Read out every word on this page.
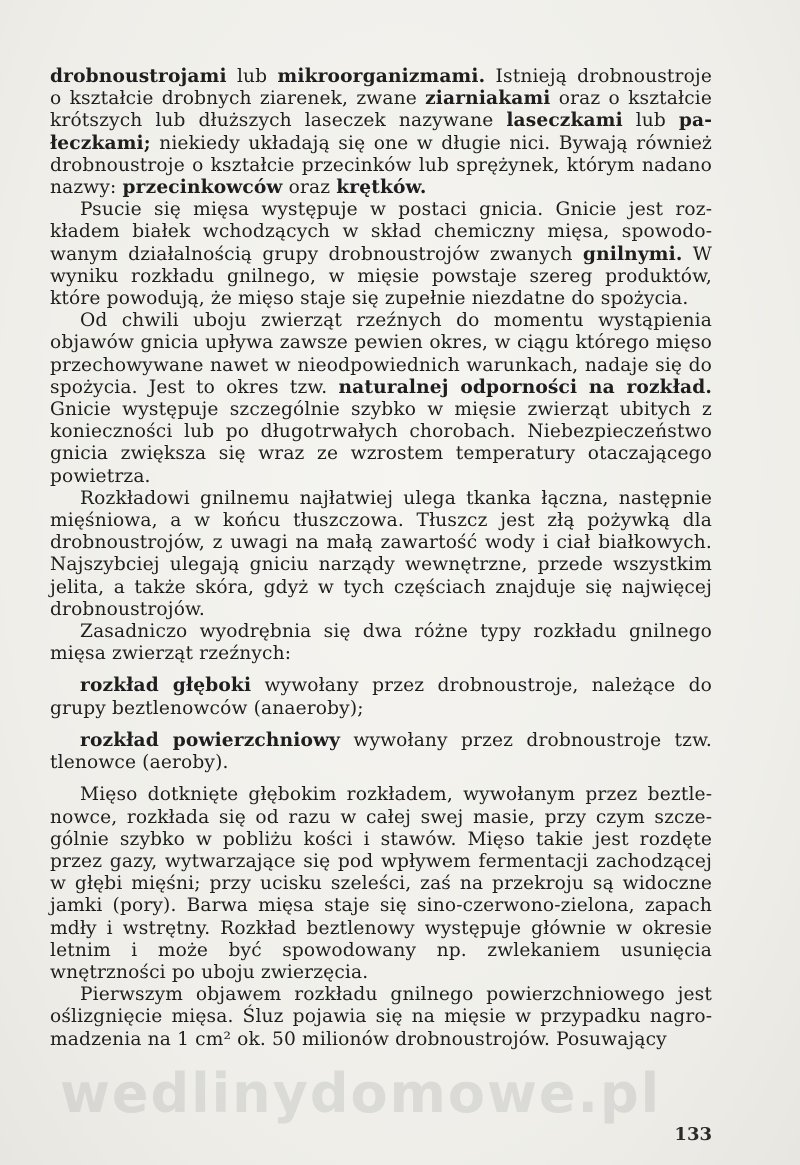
drobnoustrojami lub mikroorganizmami. Istnieją drobnoustroje o kształcie drobnych ziarenek, zwane ziarniakami oraz o kształcie krótszych lub dłuższych laseczek nazywane laseczkami lub pałeczkami; niekiedy układają się one w długie nici. Bywają również drobnoustroje o kształcie przecinków lub sprężynek, którym nadano nazwy: przecinkowców oraz krętków.

Psucie się mięsa występuje w postaci gnicia. Gnicie jest rozkładem białek wchodzących w skład chemiczny mięsa, spowodowanym działalnością grupy drobnoustrojów zwanych gnilnymi. W wyniku rozkładu gnilnego, w mięsie powstaje szereg produktów, które powodują, że mięso staje się zupełnie niezdatne do spożycia.

Od chwili uboju zwierząt rzeźnych do momentu wystąpienia objawów gnicia upływa zawsze pewien okres, w ciągu którego mięso przechowywane nawet w nieodpowiednich warunkach, nadaje się do spożycia. Jest to okres tzw. naturalnej odporności na rozkład. Gnicie występuje szczególnie szybko w mięsie zwierząt ubitych z konieczności lub po długotrwałych chorobach. Niebezpieczeństwo gnicia zwiększa się wraz ze wzrostem temperatury otaczającego powietrza.

Rozkładowi gnilnemu najłatwiej ulega tkanka łączna, następnie mięśniowa, a w końcu tłuszczowa. Tłuszcz jest złą pożywką dla drobnoustrojów, z uwagi na małą zawartość wody i ciał białkowych. Najszybciej ulegają gniciu narządy wewnętrzne, przede wszystkim jelita, a także skóra, gdyż w tych częściach znajduje się najwięcej drobnoustrojów.

Zasadniczo wyodrębnia się dwa różne typy rozkładu gnilnego mięsa zwierząt rzeźnych:

rozkład głęboki wywołany przez drobnoustroje, należące do grupy beztlenowców (anaeroby);

rozkład powierzchniowy wywołany przez drobnoustroje tzw. tlenowce (aeroby).

Mięso dotknięte głębokim rozkładem, wywołanym przez beztlenowce, rozkłada się od razu w całej swej masie, przy czym szczególnie szybko w pobliżu kości i stawów. Mięso takie jest rozdęte przez gazy, wytwarzające się pod wpływem fermentacji zachodzącej w głębi mięśni; przy ucisku szeleści, zaś na przekroju są widoczne jamki (pory). Barwa mięsa staje się sino-czerwono-zielona, zapach mdły i wstrętny. Rozkład beztlenowy występuje głównie w okresie letnim i może być spowodowany np. zwlekaniem usunięcia wnętrzności po uboju zwierzęcia.

Pierwszym objawem rozkładu gnilnego powierzchniowego jest oślizgnięcie mięsa. Śluz pojawia się na mięsie w przypadku nagromadzenia na 1 cm² ok. 50 milionów drobnoustrojów. Posuwający

wedlinydomowe.pl
133
